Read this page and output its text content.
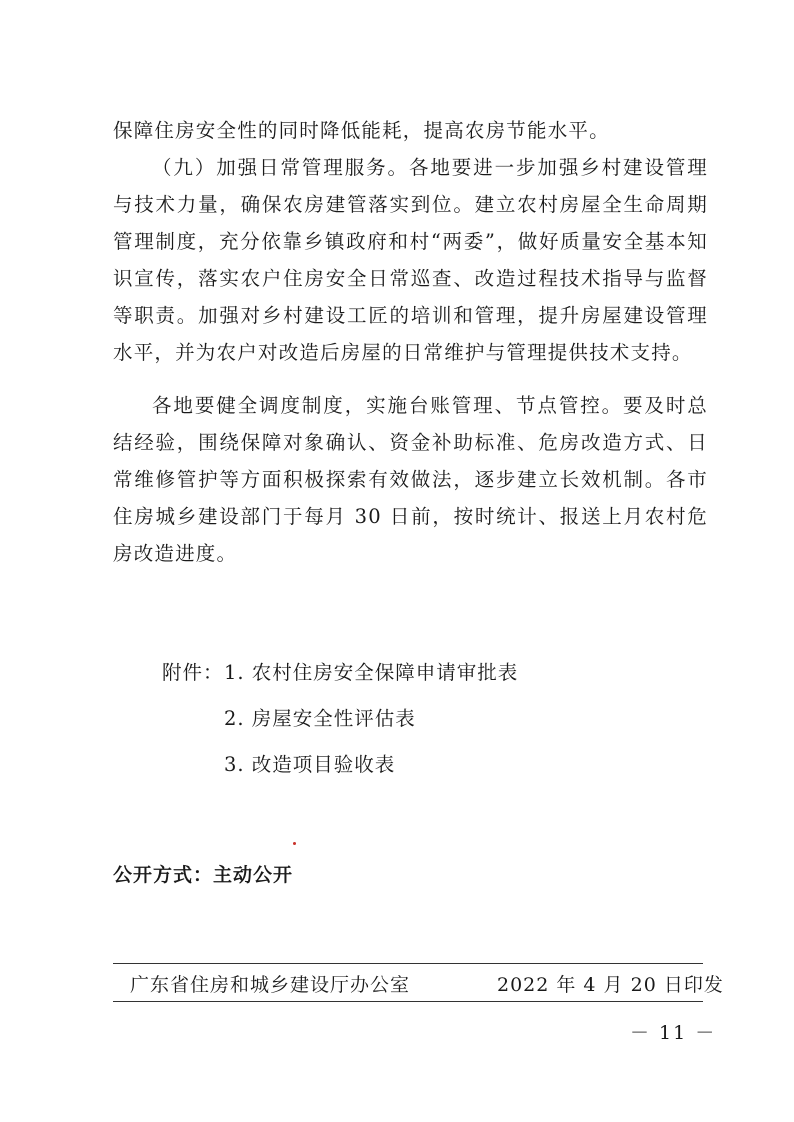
保障住房安全性的同时降低能耗，提高农房节能水平。

（九）加强日常管理服务。各地要进一步加强乡村建设管理与技术力量，确保农房建管落实到位。建立农村房屋全生命周期管理制度，充分依靠乡镇政府和村“两委”，做好质量安全基本知识宣传，落实农户住房安全日常巡查、改造过程技术指导与监督等职责。加强对乡村建设工匠的培训和管理，提升房屋建设管理水平，并为农户对改造后房屋的日常维护与管理提供技术支持。

各地要健全调度制度，实施台账管理、节点管控。要及时总结经验，围绕保障对象确认、资金补助标准、危房改造方式、日常维修管护等方面积极探索有效做法，逐步建立长效机制。各市住房城乡建设部门于每月 30 日前，按时统计、报送上月农村危房改造进度。

附件： 1. 农村住房安全保障申请审批表
2. 房屋安全性评估表
3. 改造项目验收表
公开方式：主动公开
广东省住房和城乡建设厅办公室	2022 年 4 月 20 日印发
－ 11 －
